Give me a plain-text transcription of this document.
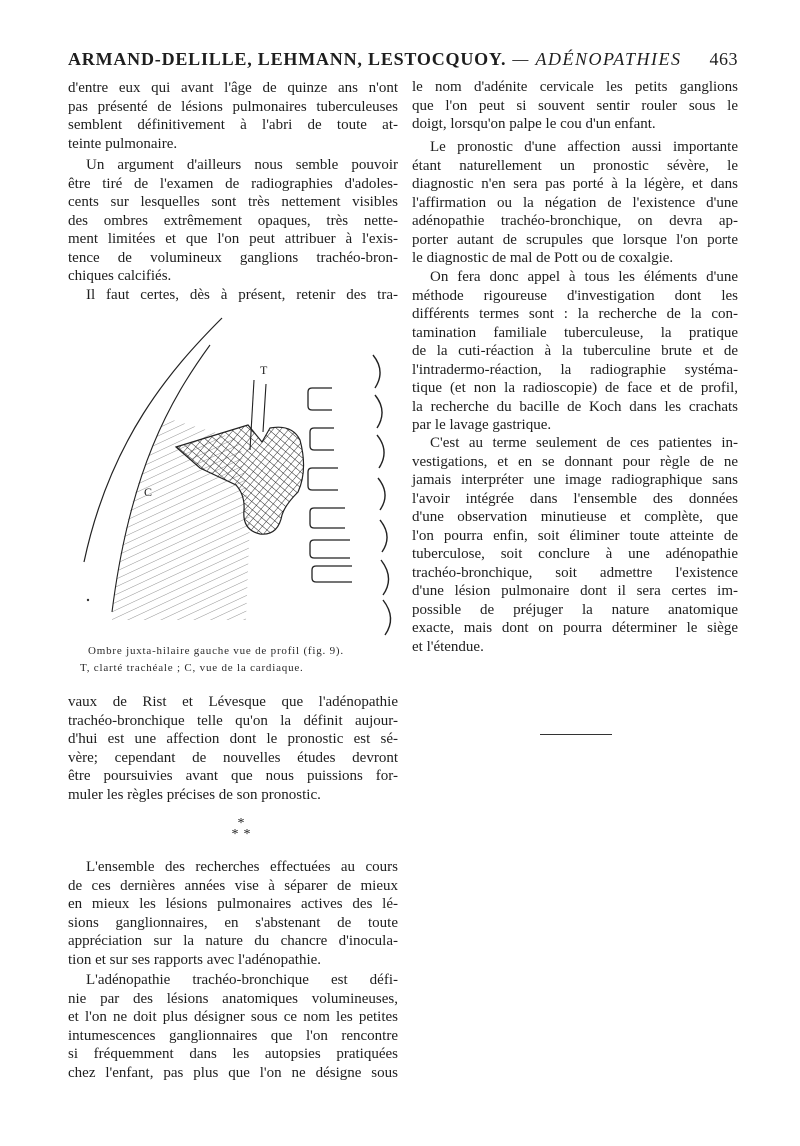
ARMAND-DELILLE, LEHMANN, LESTOCQUOY. — ADÉNOPATHIES 463
d'entre eux qui avant l'âge de quinze ans n'ont
pas présenté de lésions pulmonaires tuberculeuses
semblent définitivement à l'abri de toute at-
teinte pulmonaire.
Un argument d'ailleurs nous semble pouvoir
être tiré de l'examen de radiographies d'adoles-
cents sur lesquelles sont très nettement visibles
des ombres extrêmement opaques, très nette-
ment limitées et que l'on peut attribuer à l'exis-
tence de volumineux ganglions trachéo-bron-
chiques calcifiés.
Il faut certes, dès à présent, retenir des tra-
vaux de Rist et Lévesque que l'adénopathie
trachéo-bronchique telle qu'on la définit aujour-
d'hui est une affection dont le pronostic est sé-
vère; cependant de nouvelles études devront
être poursuivies avant que nous puissions for-
muler les règles précises de son pronostic.
L'ensemble des recherches effectuées au cours
de ces dernières années vise à séparer de mieux
en mieux les lésions pulmonaires actives des lé-
sions ganglionnaires, en s'abstenant de toute
appréciation sur la nature du chancre d'inocula-
tion et sur ses rapports avec l'adénopathie.
L'adénopathie trachéo-bronchique est défi-
nie par des lésions anatomiques volumineuses,
et l'on ne doit plus désigner sous ce nom les petites
intumescences ganglionnaires que l'on rencontre
si fréquemment dans les autopsies pratiquées
chez l'enfant, pas plus que l'on ne désigne sous
T
C
Ombre juxta-hilaire gauche vue de profil (fig. 9).
T, clarté trachéale ; C, vue de la cardiaque.
*
**
le nom d'adénite cervicale les petits ganglions
que l'on peut si souvent sentir rouler sous le
doigt, lorsqu'on palpe le cou d'un enfant.
Le pronostic d'une affection aussi importante
étant naturellement un pronostic sévère, le
diagnostic n'en sera pas porté à la légère, et dans
l'affirmation ou la négation de l'existence d'une
adénopathie trachéo-bronchique, on devra ap-
porter autant de scrupules que lorsque l'on porte
le diagnostic de mal de Pott ou de coxalgie.
On fera donc appel à tous les éléments d'une
méthode rigoureuse d'investigation dont les
différents termes sont : la recherche de la con-
tamination familiale tuberculeuse, la pratique
de la cuti-réaction à la tuberculine brute et de
l'intradermo-réaction, la radiographie systéma-
tique (et non la radioscopie) de face et de profil,
la recherche du bacille de Koch dans les crachats
par le lavage gastrique.
C'est au terme seulement de ces patientes in-
vestigations, et en se donnant pour règle de ne
jamais interpréter une image radiographique sans
l'avoir intégrée dans l'ensemble des données
d'une observation minutieuse et complète, que
l'on pourra enfin, soit éliminer toute atteinte de
tuberculose, soit conclure à une adénopathie
trachéo-bronchique, soit admettre l'existence
d'une lésion pulmonaire dont il sera certes im-
possible de préjuger la nature anatomique
exacte, mais dont on pourra déterminer le siège
et l'étendue.
